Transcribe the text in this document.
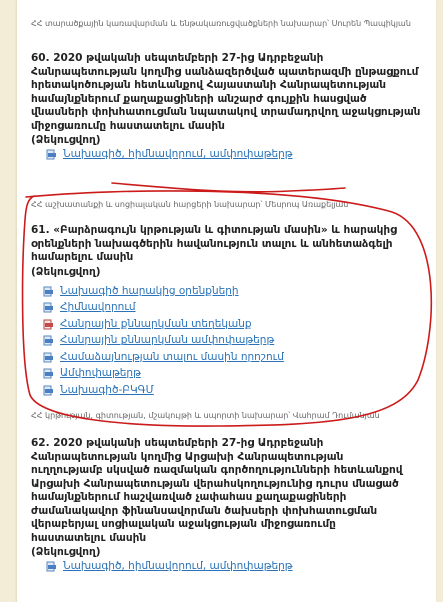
ՀՀ տարածքային կառավարման և ենթակառուցվածքների նախարար՝ Սուրեն Պապիկյան
60. 2020 թվականի սեպտեմբերի 27-ից Ադրբեջանի Հանրապետության կողմից սանձազերծված պատերազմի ընթացքում հրետակոծության հետևանքով Հայաստանի Հանրապետության համայնքներում քաղաքացիների անշարժ գույքին հասցված վնասների փոխհատուցման նպատակով տրամադրվող աջակցության միջոցառումը հաստատելու մասին
(Ձեկուցվող)
Նախագիծ, հիմնավորում, ամփոփաթերթ
ՀՀ աշխատանքի և սոցիալական հարցերի նախարար՝ Մեսրոպ Առաքելյան
61. «Բարձրագույն կրթության և գիտության մասին» և հարակից օրենքների նախագծերին հավանություն տալու և անհետաձգելի համարելու մասին
(Ձեկուցվող)
Նախագիծ հարակից օրենքների
Հիմնավորում
Հանրային քննարկման տեղեկանք
Հանրային քննարկման ամփոփաթերթ
Համաձայնության տալու մասին որոշում
Ամփոփաթերթ
Նախագիծ-ԲԿԳՄ
ՀՀ կրթության, գիտության, մշակույթի և սպորտի նախարար՝ Վահրամ Դումանյան
62. 2020 թվականի սեպտեմբերի 27-ից Ադրբեջանի Հանրապետության կողմից Արցախի Հանրապետության ուղղությամբ սկսված ռազմական գործողությունների հետևանքով Արցախի Հանրապետության վերահսկողությունից դուրս մնացած համայնքներում հաշվառված չափահաս քաղաքացիների ժամանակավոր ֆինանսավորման ծախսերի փոխհատուցման վերաբերյալ սոցիալական աջակցության միջոցառումը հաստատելու մասին
(Ձեկուցվող)
Նախագիծ, հիմնավորում, ամփոփաթերթ
